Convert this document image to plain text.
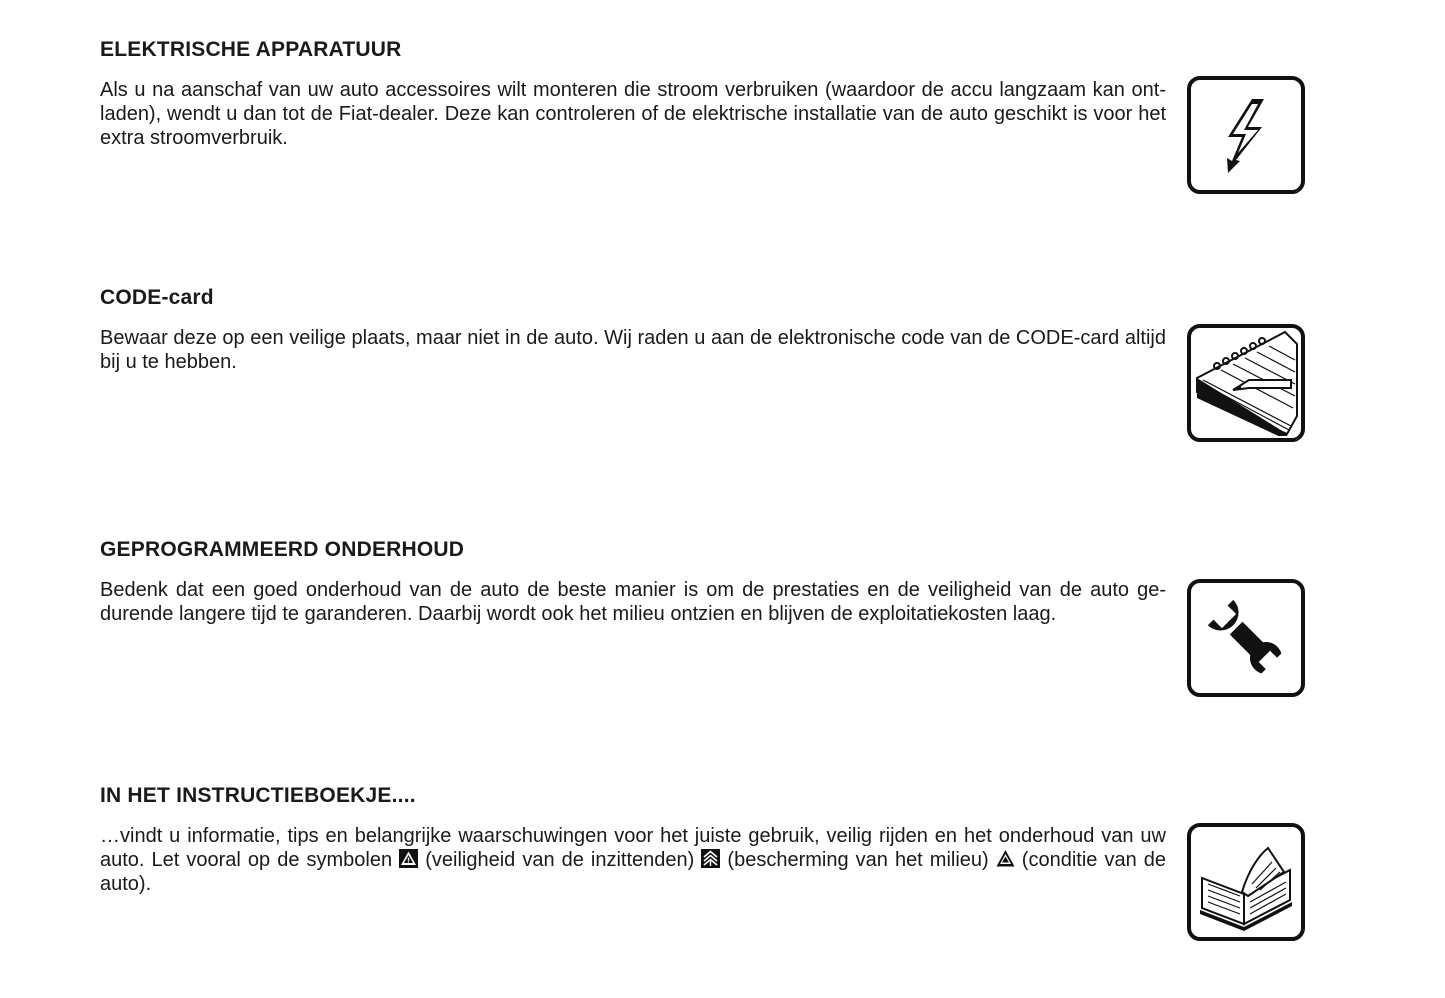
ELEKTRISCHE APPARATUUR

Als u na aanschaf van uw auto accessoires wilt monteren die stroom verbruiken (waardoor de accu langzaam kan ont-laden), wendt u dan tot de Fiat-dealer. Deze kan controleren of de elektrische installatie van de auto geschikt is voor het extra stroomverbruik.

CODE-card

Bewaar deze op een veilige plaats, maar niet in de auto. Wij raden u aan de elektronische code van de CODE-card altijd bij u te hebben.

GEPROGRAMMEERD ONDERHOUD

Bedenk dat een goed onderhoud van de auto de beste manier is om de prestaties en de veiligheid van de auto ge-durende langere tijd te garanderen. Daarbij wordt ook het milieu ontzien en blijven de exploitatiekosten laag.

IN HET INSTRUCTIEBOEKJE....

…vindt u informatie, tips en belangrijke waarschuwingen voor het juiste gebruik, veilig rijden en het onderhoud van uw auto. Let vooral op de symbolen
(veiligheid van de inzittenden)
(bescherming van het milieu)
(conditie van de auto).
